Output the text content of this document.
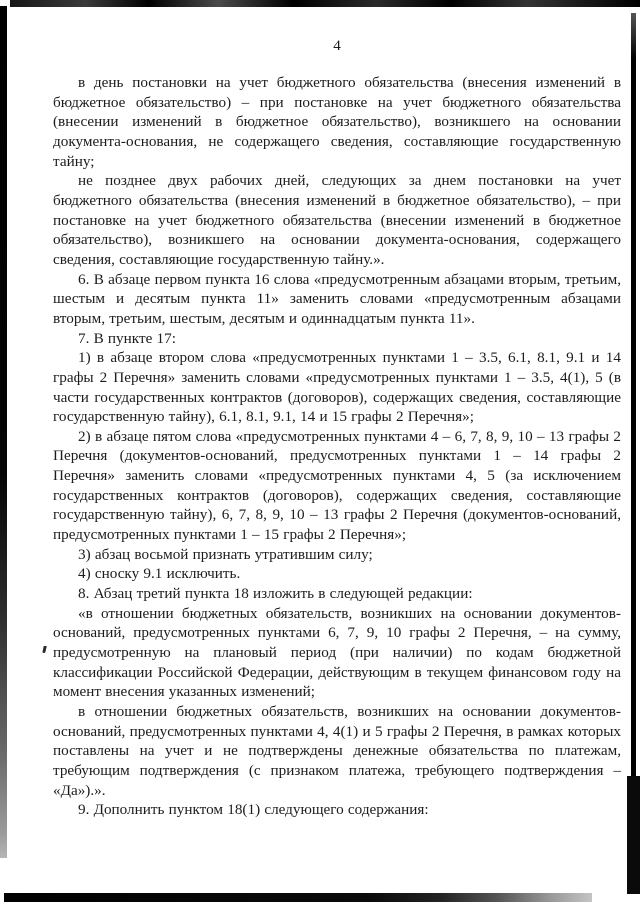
4

в день постановки на учет бюджетного обязательства (внесения изменений в бюджетное обязательство) – при постановке на учет бюджетного обязательства (внесении изменений в бюджетное обязательство), возникшего на основании документа-основания, не содержащего сведения, составляющие государственную тайну;

не позднее двух рабочих дней, следующих за днем постановки на учет бюджетного обязательства (внесения изменений в бюджетное обязательство), – при постановке на учет бюджетного обязательства (внесении изменений в бюджетное обязательство), возникшего на основании документа-основания, содержащего сведения, составляющие государственную тайну.».

6. В абзаце первом пункта 16 слова «предусмотренным абзацами вторым, третьим, шестым и десятым пункта 11» заменить словами «предусмотренным абзацами вторым, третьим, шестым, десятым и одиннадцатым пункта 11».

7. В пункте 17:

1) в абзаце втором слова «предусмотренных пунктами 1 – 3.5, 6.1, 8.1, 9.1 и 14 графы 2 Перечня» заменить словами «предусмотренных пунктами 1 – 3.5, 4(1), 5 (в части государственных контрактов (договоров), содержащих сведения, составляющие государственную тайну), 6.1, 8.1, 9.1, 14 и 15 графы 2 Перечня»;

2) в абзаце пятом слова «предусмотренных пунктами 4 – 6, 7, 8, 9, 10 – 13 графы 2 Перечня (документов-оснований, предусмотренных пунктами 1 – 14 графы 2 Перечня» заменить словами «предусмотренных пунктами 4, 5 (за исключением государственных контрактов (договоров), содержащих сведения, составляющие государственную тайну), 6, 7, 8, 9, 10 – 13 графы 2 Перечня (документов-оснований, предусмотренных пунктами 1 – 15 графы 2 Перечня»;

3) абзац восьмой признать утратившим силу;

4) сноску 9.1 исключить.

8. Абзац третий пункта 18 изложить в следующей редакции:

«в отношении бюджетных обязательств, возникших на основании документов-оснований, предусмотренных пунктами 6, 7, 9, 10 графы 2 Перечня, – на сумму, предусмотренную на плановый период (при наличии) по кодам бюджетной классификации Российской Федерации, действующим в текущем финансовом году на момент внесения указанных изменений;

в отношении бюджетных обязательств, возникших на основании документов-оснований, предусмотренных пунктами 4, 4(1) и 5 графы 2 Перечня, в рамках которых поставлены на учет и не подтверждены денежные обязательства по платежам, требующим подтверждения (с признаком платежа, требующего подтверждения – «Да»).».

9. Дополнить пунктом 18(1) следующего содержания:
